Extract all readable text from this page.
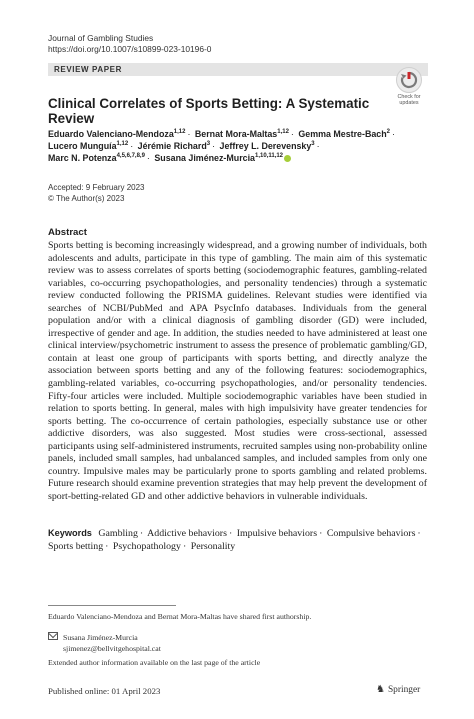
Journal of Gambling Studies
https://doi.org/10.1007/s10899-023-10196-0
REVIEW PAPER
Check for
updates
Clinical Correlates of Sports Betting: A Systematic Review
Eduardo Valenciano-Mendoza$^{1,12}$ · Bernat Mora-Maltas$^{1,12}$ · Gemma Mestre-Bach$^2$ ·
Lucero Munguía$^{1,12}$ · Jérémie Richard$^3$ · Jeffrey L. Derevensky$^3$ ·
Marc N. Potenza$^{4,5,6,7,8,9}$ · Susana Jiménez-Murcia$^{1,10,11,12}$
Accepted: 9 February 2023
© The Author(s) 2023
Abstract

Sports betting is becoming increasingly widespread, and a growing number of individuals, both adolescents and adults, participate in this type of gambling. The main aim of this systematic review was to assess correlates of sports betting (sociodemographic features, gambling-related variables, co-occurring psychopathologies, and personality tendencies) through a systematic review conducted following the PRISMA guidelines. Relevant studies were identified via searches of NCBI/PubMed and APA PsycInfo databases. Individuals from the general population and/or with a clinical diagnosis of gambling disorder (GD) were included, irrespective of gender and age. In addition, the studies needed to have administered at least one clinical interview/psychometric instrument to assess the presence of problematic gambling/GD, contain at least one group of participants with sports betting, and directly analyze the association between sports betting and any of the following features: sociodemographics, gambling-related variables, co-occurring psychopathologies, and/or personality tendencies. Fifty-four articles were included. Multiple sociodemographic variables have been studied in relation to sports betting. In general, males with high impulsivity have greater tendencies for sports betting. The co-occurrence of certain pathologies, especially substance use or other addictive disorders, was also suggested. Most studies were cross-sectional, assessed participants using self-administered instruments, recruited samples using non-probability online panels, included small samples, had unbalanced samples, and included samples from only one country. Impulsive males may be particularly prone to sports gambling and related problems. Future research should examine prevention strategies that may help prevent the development of sport-betting-related GD and other addictive behaviors in vulnerable individuals.

Keywords Gambling · Addictive behaviors · Impulsive behaviors · Compulsive behaviors · Sports betting · Psychopathology · Personality
Eduardo Valenciano-Mendoza and Bernat Mora-Maltas have shared first authorship.
Susana Jiménez-Murcia
sjimenez@bellvitgehospital.cat
Extended author information available on the last page of the article
Published online: 01 April 2023	♞ Springer
